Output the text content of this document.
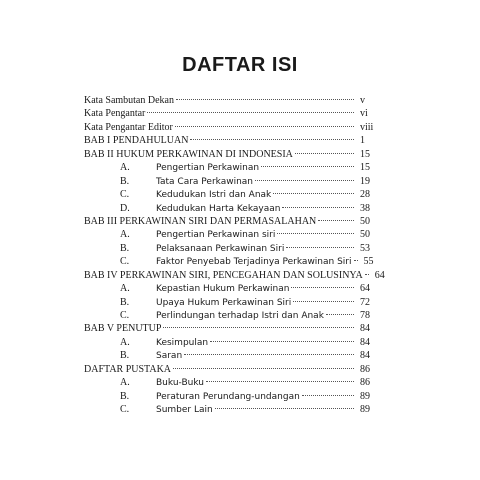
DAFTAR ISI
Kata Sambutan Dekan	v
Kata Pengantar	vi
Kata Pengantar Editor	viii
BAB I PENDAHULUAN	1
BAB II HUKUM PERKAWINAN DI INDONESIA	15
A.	Pengertian Perkawinan	15
B.	Tata Cara Perkawinan	19
C.	Kedudukan Istri dan Anak	28
D.	Kedudukan Harta Kekayaan	38
BAB III PERKAWINAN SIRI DAN PERMASALAHAN	50
A.	Pengertian Perkawinan siri	50
B.	Pelaksanaan Perkawinan Siri	53
C.	Faktor Penyebab Terjadinya Perkawinan Siri	55
BAB IV PERKAWINAN SIRI, PENCEGAHAN DAN SOLUSINYA	64
A.	Kepastian Hukum Perkawinan	64
B.	Upaya Hukum Perkawinan Siri	72
C.	Perlindungan terhadap Istri dan Anak	78
BAB V PENUTUP	84
A.	Kesimpulan	84
B.	Saran	84
DAFTAR PUSTAKA	86
A.	Buku-Buku	86
B.	Peraturan Perundang-undangan	89
C.	Sumber Lain	89
